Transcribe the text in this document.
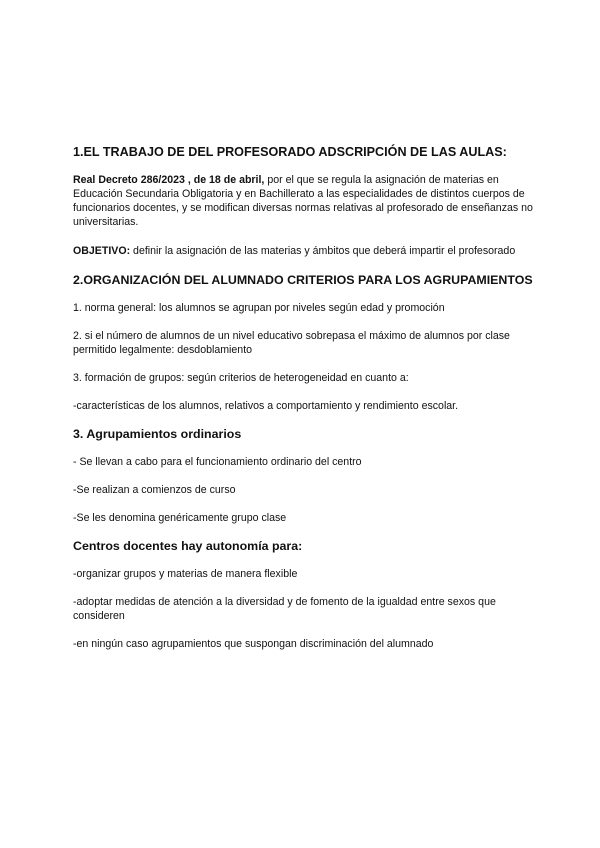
1.EL TRABAJO DE DEL PROFESORADO ADSCRIPCIÓN DE LAS AULAS:
Real Decreto 286/2023 , de 18 de abril, por el que se regula la asignación de materias en Educación Secundaria Obligatoria y en Bachillerato a las especialidades de distintos cuerpos de funcionarios docentes, y se modifican diversas normas relativas al profesorado de enseñanzas no universitarias.
OBJETIVO: definir la asignación de las materias y ámbitos que deberá impartir el profesorado
2.ORGANIZACIÓN DEL ALUMNADO CRITERIOS PARA LOS AGRUPAMIENTOS
1. norma general: los alumnos se agrupan por niveles según edad y promoción
2. si el número de alumnos de un nivel educativo sobrepasa el máximo de alumnos por clase permitido legalmente: desdoblamiento
3. formación de grupos: según criterios de heterogeneidad en cuanto a:
-características de los alumnos, relativos a comportamiento y rendimiento escolar.
3. Agrupamientos ordinarios
- Se llevan a cabo para el funcionamiento ordinario del centro
-Se realizan a comienzos de curso
-Se les denomina genéricamente grupo clase
Centros docentes hay autonomía para:
-organizar grupos y materias de manera flexible
-adoptar medidas de atención a la diversidad y de fomento de la igualdad entre sexos que consideren
-en ningún caso agrupamientos que suspongan discriminación del alumnado
